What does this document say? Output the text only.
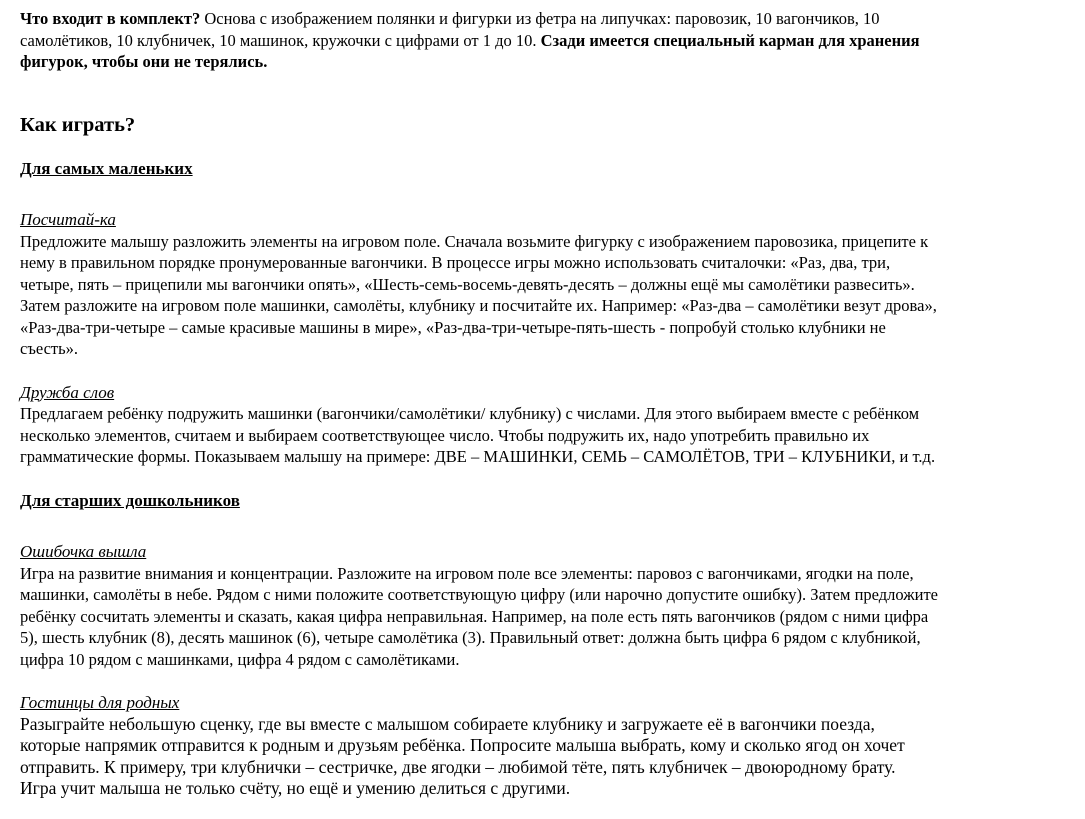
Что входит в комплект? Основа с изображением полянки и фигурки из фетра на липучках: паровозик, 10 вагончиков, 10
самолётиков, 10 клубничек, 10 машинок, кружочки с цифрами от 1 до 10. Сзади имеется специальный карман для хранения
фигурок, чтобы они не терялись.

Как играть?
Для самых маленьких
Посчитай-ка

Предложите малышу разложить элементы на игровом поле. Сначала возьмите фигурку с изображением паровозика, прицепите к
нему в правильном порядке пронумерованные вагончики. В процессе игры можно использовать считалочки: «Раз, два, три,
четыре, пять – прицепили мы вагончики опять», «Шесть-семь-восемь-девять-десять – должны ещё мы самолётики развесить».
Затем разложите на игровом поле машинки, самолёты, клубнику и посчитайте их. Например: «Раз-два – самолётики везут дрова»,
«Раз-два-три-четыре – самые красивые машины в мире», «Раз-два-три-четыре-пять-шесть - попробуй столько клубники не
съесть».

Дружба слов

Предлагаем ребёнку подружить машинки (вагончики/самолётики/ клубнику) с числами. Для этого выбираем вместе с ребёнком
несколько элементов, считаем и выбираем соответствующее число. Чтобы подружить их, надо употребить правильно их
грамматические формы. Показываем малышу на примере: ДВЕ – МАШИНКИ, СЕМЬ – САМОЛЁТОВ, ТРИ – КЛУБНИКИ, и т.д.

Для старших дошкольников
Ошибочка вышла

Игра на развитие внимания и концентрации. Разложите на игровом поле все элементы: паровоз с вагончиками, ягодки на поле,
машинки, самолёты в небе. Рядом с ними положите соответствующую цифру (или нарочно допустите ошибку). Затем предложите
ребёнку сосчитать элементы и сказать, какая цифра неправильная. Например, на поле есть пять вагончиков (рядом с ними цифра
5), шесть клубник (8), десять машинок (6), четыре самолётика (3). Правильный ответ: должна быть цифра 6 рядом с клубникой,
цифра 10 рядом с машинками, цифра 4 рядом с самолётиками.

Гостинцы для родных

Разыграйте небольшую сценку, где вы вместе с малышом собираете клубнику и загружаете её в вагончики поезда,
которые напрямик отправится к родным и друзьям ребёнка. Попросите малыша выбрать, кому и сколько ягод он хочет
отправить. К примеру, три клубнички – сестричке, две ягодки – любимой тёте, пять клубничек – двоюродному брату.
Игра учит малыша не только счёту, но ещё и умению делиться с другими.
